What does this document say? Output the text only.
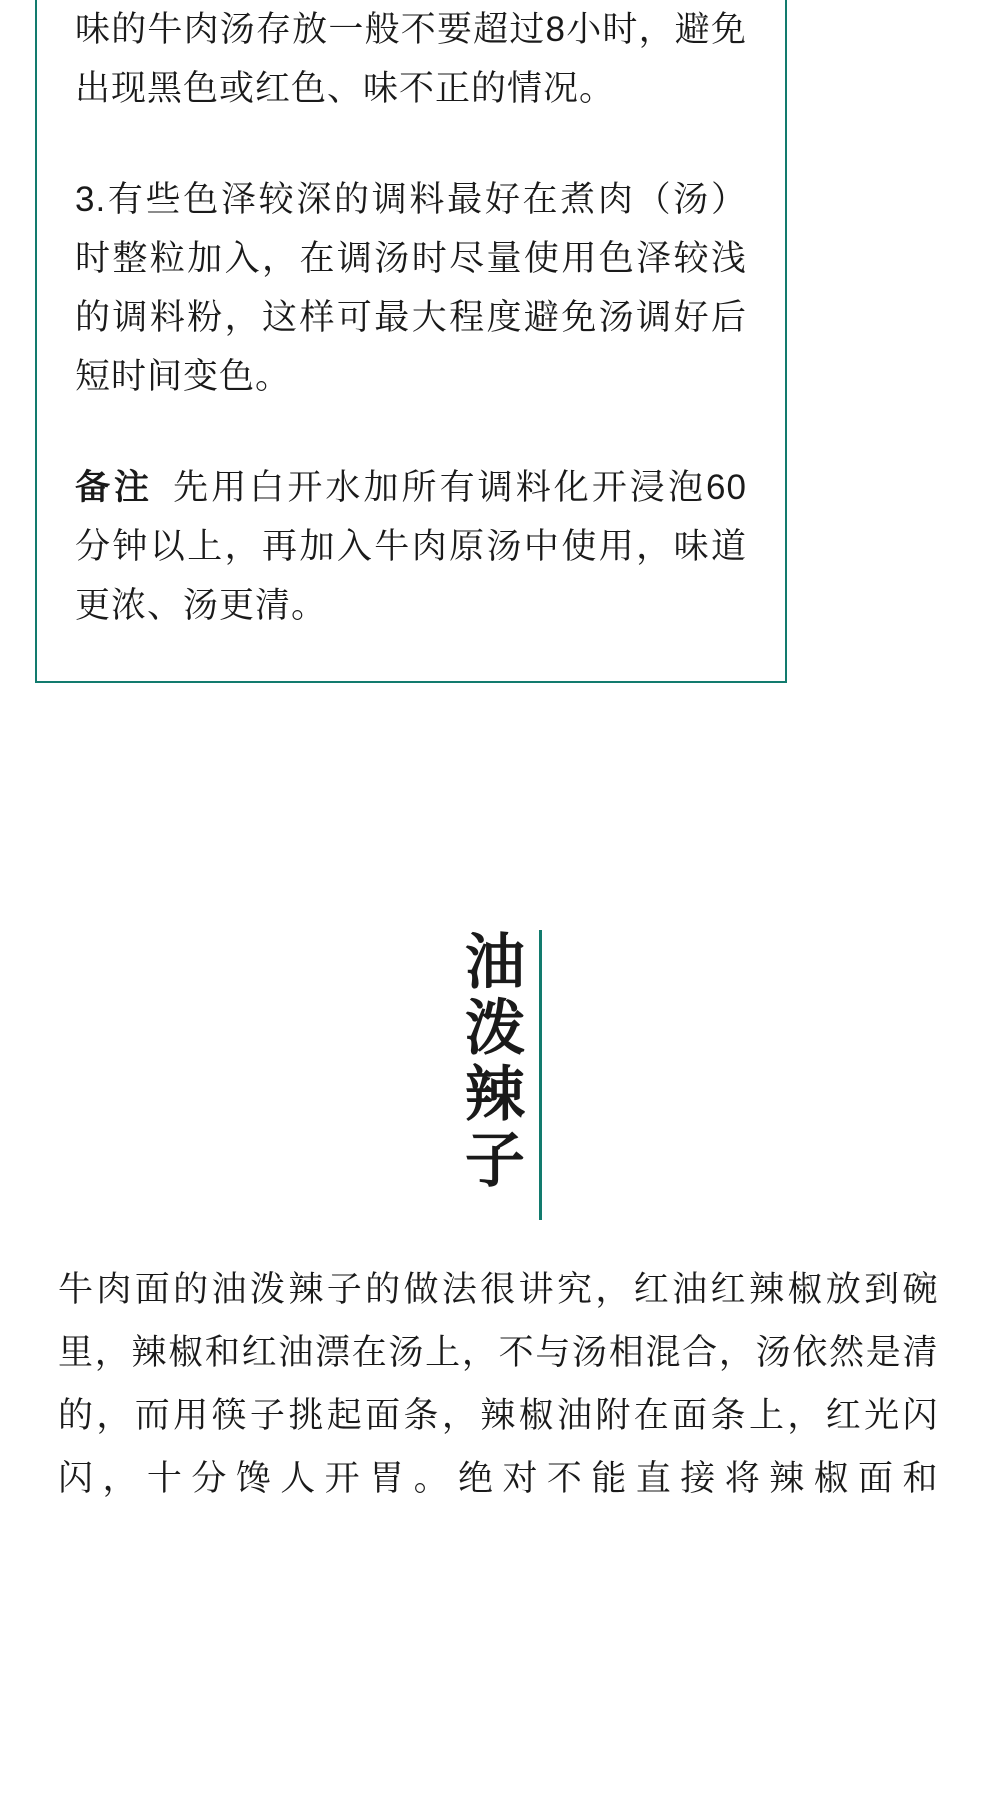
味的牛肉汤存放一般不要超过8小时，避免出现黑色或红色、味不正的情况。

3.有些色泽较深的调料最好在煮肉（汤）时整粒加入，在调汤时尽量使用色泽较浅的调料粉，这样可最大程度避免汤调好后短时间变色。

备注 先用白开水加所有调料化开浸泡60分钟以上，再加入牛肉原汤中使用，味道更浓、汤更清。

油泼辣子

牛肉面的油泼辣子的做法很讲究，红油红辣椒放到碗里，辣椒和红油漂在汤上，不与汤相混合，汤依然是清的，而用筷子挑起面条，辣椒油附在面条上，红光闪闪，十分馋人开胃。绝对不能直接将辣椒面和
